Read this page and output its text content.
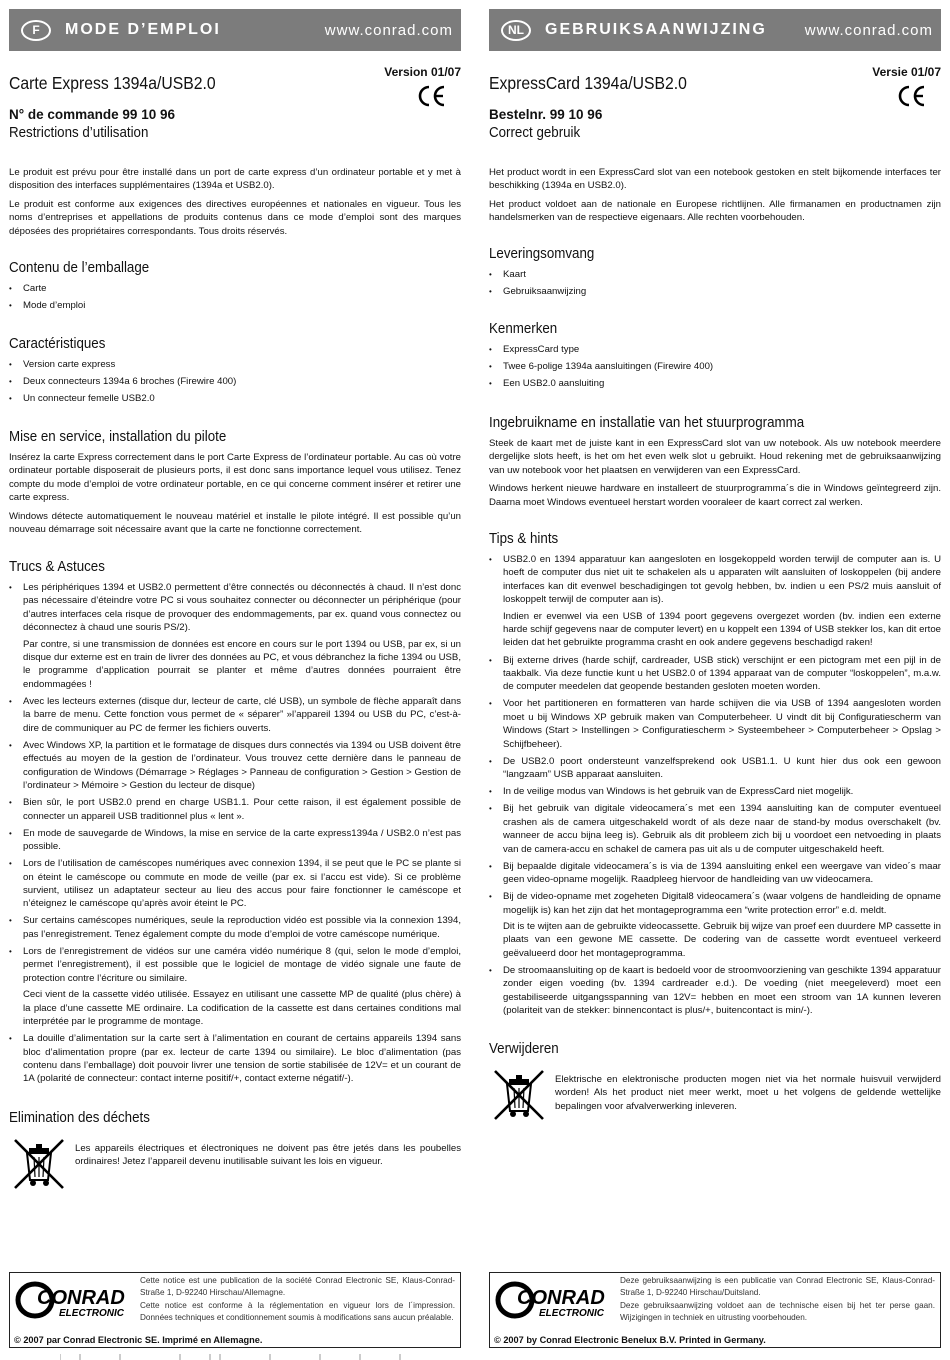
F	MODE D’EMPLOI	www.conrad.com
Carte Express 1394a/USB2.0
N° de commande 99 10 96
Version 01/07
Restrictions d’utilisation

Le produit est prévu pour être installé dans un port de carte express d’un ordinateur portable et y met à disposition des interfaces supplémentaires (1394a et USB2.0).

Le produit est conforme aux exigences des directives européennes et nationales en vigueur. Tous les noms d’entreprises et appellations de produits contenus dans ce mode d’emploi sont des marques déposées des propriétaires correspondants. Tous droits réservés.

Contenu de l’emballage
• Carte
• Mode d’emploi
Caractéristiques
• Version carte express
• Deux connecteurs 1394a 6 broches (Firewire 400)
• Un connecteur femelle USB2.0
Mise en service, installation du pilote

Insérez la carte Express correctement dans le port Carte Express de l’ordinateur portable. Au cas où votre ordinateur portable disposerait de plusieurs ports, il est donc sans importance lequel vous utilisez. Tenez compte du mode d’emploi de votre ordinateur portable, en ce qui concerne comment insérer et retirer une carte express.

Windows détecte automatiquement le nouveau matériel et installe le pilote intégré. Il est possible qu’un nouveau démarrage soit nécessaire avant que la carte ne fonctionne correctement.

Trucs & Astuces

• Les périphériques 1394 et USB2.0 permettent d’être connectés ou déconnectés à chaud. Il n’est donc pas nécessaire d’éteindre votre PC si vous souhaitez connecter ou déconnecter un périphérique (pour d’autres interfaces cela risque de provoquer des endommagements, par ex. quand vous connectez ou déconnectez à chaud une souris PS/2).

Par contre, si une transmission de données est encore en cours sur le port 1394 ou USB, par ex, si un disque dur externe est en train de livrer des données au PC, et vous débranchez la fiche 1394 ou USB, le programme d’application pourrait se planter et même d’autres données pourraient être endommagées !

• Avec les lecteurs externes (disque dur, lecteur de carte, clé USB), un symbole de flèche apparaît dans la barre de menu. Cette fonction vous permet de « séparer” »l’appareil 1394 ou USB du PC, c’est-à-dire de communiquer au PC de fermer les fichiers ouverts.

• Avec Windows XP, la partition et le formatage de disques durs connectés via 1394 ou USB doivent être effectués au moyen de la gestion de l’ordinateur. Vous trouvez cette dernière dans le panneau de configuration de Windows (Démarrage > Réglages > Panneau de configuration > Gestion > Gestion de l’ordinateur > Mémoire > Gestion du lecteur de disque)

• Bien sûr, le port USB2.0 prend en charge USB1.1. Pour cette raison, il est également possible de connecter un appareil USB traditionnel plus « lent ».

• En mode de sauvegarde de Windows, la mise en service de la carte express1394a / USB2.0 n’est pas possible.

• Lors de l’utilisation de caméscopes numériques avec connexion 1394, il se peut que le PC se plante si on éteint le caméscope ou commute en mode de veille (par ex. si l’accu est vide). Si ce problème survient, utilisez un adaptateur secteur au lieu des accus pour faire fonctionner le caméscope et n’éteignez le caméscope qu’après avoir éteint le PC.

• Sur certains caméscopes numériques, seule la reproduction vidéo est possible via la connexion 1394, pas l’enregistrement. Tenez également compte du mode d’emploi de votre caméscope numérique.

• Lors de l’enregistrement de vidéos sur une caméra vidéo numérique 8 (qui, selon le mode d’emploi, permet l’enregistrement), il est possible que le logiciel de montage de vidéo signale une faute de protection contre l’écriture ou similaire.

Ceci vient de la cassette vidéo utilisée. Essayez en utilisant une cassette MP de qualité (plus chère) à la place d’une cassette ME ordinaire. La codification de la cassette est dans certaines conditions mal interprétée par le programme de montage.

• La douille d’alimentation sur la carte sert à l’alimentation en courant de certains appareils 1394 sans bloc d’alimentation propre (par ex. lecteur de carte 1394 ou similaire). Le bloc d’alimentation (pas contenu dans l’emballage) doit pouvoir livrer une tension de sortie stabilisée de 12V= et un courant de 1A (polarité de connecteur: contact interne positif/+, contact externe négatif/-).

Elimination des déchets

Les appareils électriques et électroniques ne doivent pas être jetés dans les poubelles ordinaires! Jetez l’appareil devenu inutilisable suivant les lois en vigueur.

NL	GEBRUIKSAANWIJZING	www.conrad.com
ExpressCard 1394a/USB2.0
Bestelnr. 99 10 96
Versie 01/07
Correct gebruik

Het product wordt in een ExpressCard slot van een notebook gestoken en stelt bijkomende interfaces ter beschikking (1394a en USB2.0).

Het product voldoet aan de nationale en Europese richtlijnen. Alle firmanamen en productnamen zijn handelsmerken van de respectieve eigenaars. Alle rechten voorbehouden.

Leveringsomvang
• Kaart
• Gebruiksaanwijzing
Kenmerken
• ExpressCard type
• Twee 6-polige 1394a aansluitingen (Firewire 400)
• Een USB2.0 aansluiting
Ingebruikname en installatie van het stuurprogramma

Steek de kaart met de juiste kant in een ExpressCard slot van uw notebook. Als uw notebook meerdere dergelijke slots heeft, is het om het even welk slot u gebruikt. Houd rekening met de gebruiksaanwijzing van uw notebook voor het plaatsen en verwijderen van een ExpressCard.

Windows herkent nieuwe hardware en installeert de stuurprogramma´s die in Windows geïntegreerd zijn. Daarna moet Windows eventueel herstart worden vooraleer de kaart correct zal werken.

Tips & hints

• USB2.0 en 1394 apparatuur kan aangesloten en losgekoppeld worden terwijl de computer aan is. U hoeft de computer dus niet uit te schakelen als u apparaten wilt aansluiten of loskoppelen (bij andere interfaces kan dit evenwel beschadigingen tot gevolg hebben, bv. indien u een PS/2 muis aansluit of loskoppelt terwijl de computer aan is).

Indien er evenwel via een USB of 1394 poort gegevens overgezet worden (bv. indien een externe harde schijf gegevens naar de computer levert) en u koppelt een 1394 of USB stekker los, kan dit ertoe leiden dat het gebruikte programma crasht en ook andere gegevens beschadigd raken!

• Bij externe drives (harde schijf, cardreader, USB stick) verschijnt er een pictogram met een pijl in de taakbalk. Via deze functie kunt u het USB2.0 of 1394 apparaat van de computer “loskoppelen”, m.a.w. de computer meedelen dat geopende bestanden gesloten moeten worden.

• Voor het partitioneren en formatteren van harde schijven die via USB of 1394 aangesloten worden moet u bij Windows XP gebruik maken van Computerbeheer. U vindt dit bij Configuratiescherm van Windows (Start > Instellingen > Configuratiescherm > Systeembeheer > Computerbeheer > Opslag > Schijfbeheer).

• De USB2.0 poort ondersteunt vanzelfsprekend ook USB1.1. U kunt hier dus ook een gewoon “langzaam” USB apparaat aansluiten.

• In de veilige modus van Windows is het gebruik van de ExpressCard niet mogelijk.

• Bij het gebruik van digitale videocamera´s met een 1394 aansluiting kan de computer eventueel crashen als de camera uitgeschakeld wordt of als deze naar de stand-by modus overschakelt (bv. wanneer de accu bijna leeg is). Gebruik als dit probleem zich bij u voordoet een netvoeding in plaats van de camera-accu en schakel de camera pas uit als u de computer uitgeschakeld heeft.

• Bij bepaalde digitale videocamera´s is via de 1394 aansluiting enkel een weergave van video´s maar geen video-opname mogelijk. Raadpleeg hiervoor de handleiding van uw videocamera.

• Bij de video-opname met zogeheten Digital8 videocamera´s (waar volgens de handleiding de opname mogelijk is) kan het zijn dat het montageprogramma een “write protection error” e.d. meldt.

Dit is te wijten aan de gebruikte videocassette. Gebruik bij wijze van proef een duurdere MP cassette in plaats van een gewone ME cassette. De codering van de cassette wordt eventueel verkeerd geëvalueerd door het montageprogramma.

• De stroomaansluiting op de kaart is bedoeld voor de stroomvoorziening van geschikte 1394 apparatuur zonder eigen voeding (bv. 1394 cardreader e.d.). De voeding (niet meegeleverd) moet een gestabiliseerde uitgangsspanning van 12V= hebben en moet een stroom van 1A kunnen leveren (polariteit van de stekker: binnencontact is plus/+, buitencontact is min/-).

Verwijderen

Elektrische en elektronische producten mogen niet via het normale huisvuil verwijderd worden! Als het product niet meer werkt, moet u het volgens de geldende wettelijke bepalingen voor afvalverwerking inleveren.

CONRAD
ELECTRONIC

Cette notice est une publication de la société Conrad Electronic SE, Klaus-Conrad-Straße 1, D-92240 Hirschau/Allemagne.

Cette notice est conforme à la réglementation en vigueur lors de l´impression. Données techniques et conditionnement soumis à modifications sans aucun préalable.

© 2007 par Conrad Electronic SE. Imprimé en Allemagne.
CONRAD
ELECTRONIC

Deze gebruiksaanwijzing is een publicatie van Conrad Electronic SE, Klaus-Conrad-Straße 1, D-92240 Hirschau/Duitsland.

Deze gebruiksaanwijzing voldoet aan de technische eisen bij het ter perse gaan. Wijzigingen in techniek en uitrusting voorbehouden.

© 2007 by Conrad Electronic Benelux B.V. Printed in Germany.
